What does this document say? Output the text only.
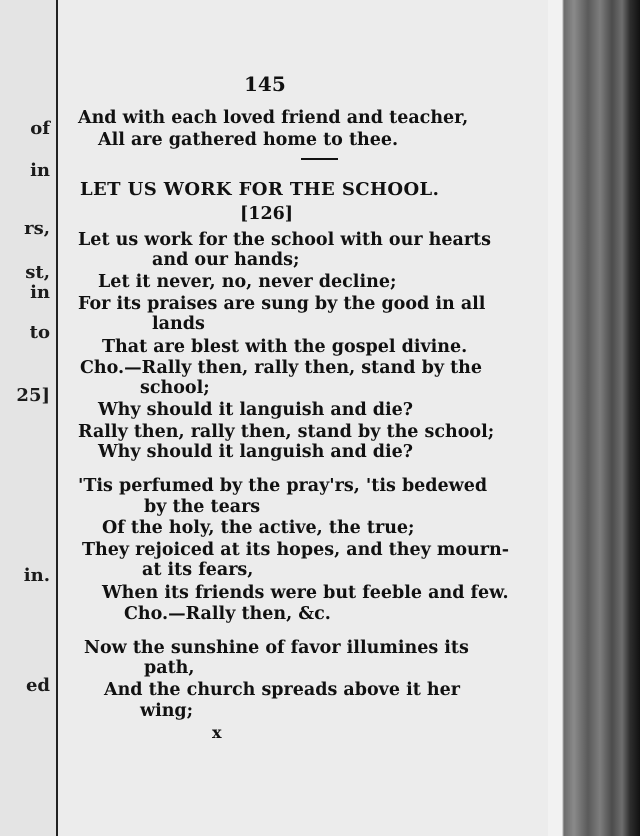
of
in
rs,
st,
in
to
25]
in.
ed
145
And with each loved friend and teacher,
All are gathered home to thee.
LET US WORK FOR THE SCHOOL.
[126]
Let us work for the school with our hearts
and our hands;
Let it never, no, never decline;
For its praises are sung by the good in all
lands
That are blest with the gospel divine.
Cho.—Rally then, rally then, stand by the
school;
Why should it languish and die?
Rally then, rally then, stand by the school;
Why should it languish and die?
'Tis perfumed by the pray'rs, 'tis bedewed
by the tears
Of the holy, the active, the true;
They rejoiced at its hopes, and they mourn-
at its fears,
When its friends were but feeble and few.
Cho.—Rally then, &c.
Now the sunshine of favor illumines its
path,
And the church spreads above it her
wing;
x
